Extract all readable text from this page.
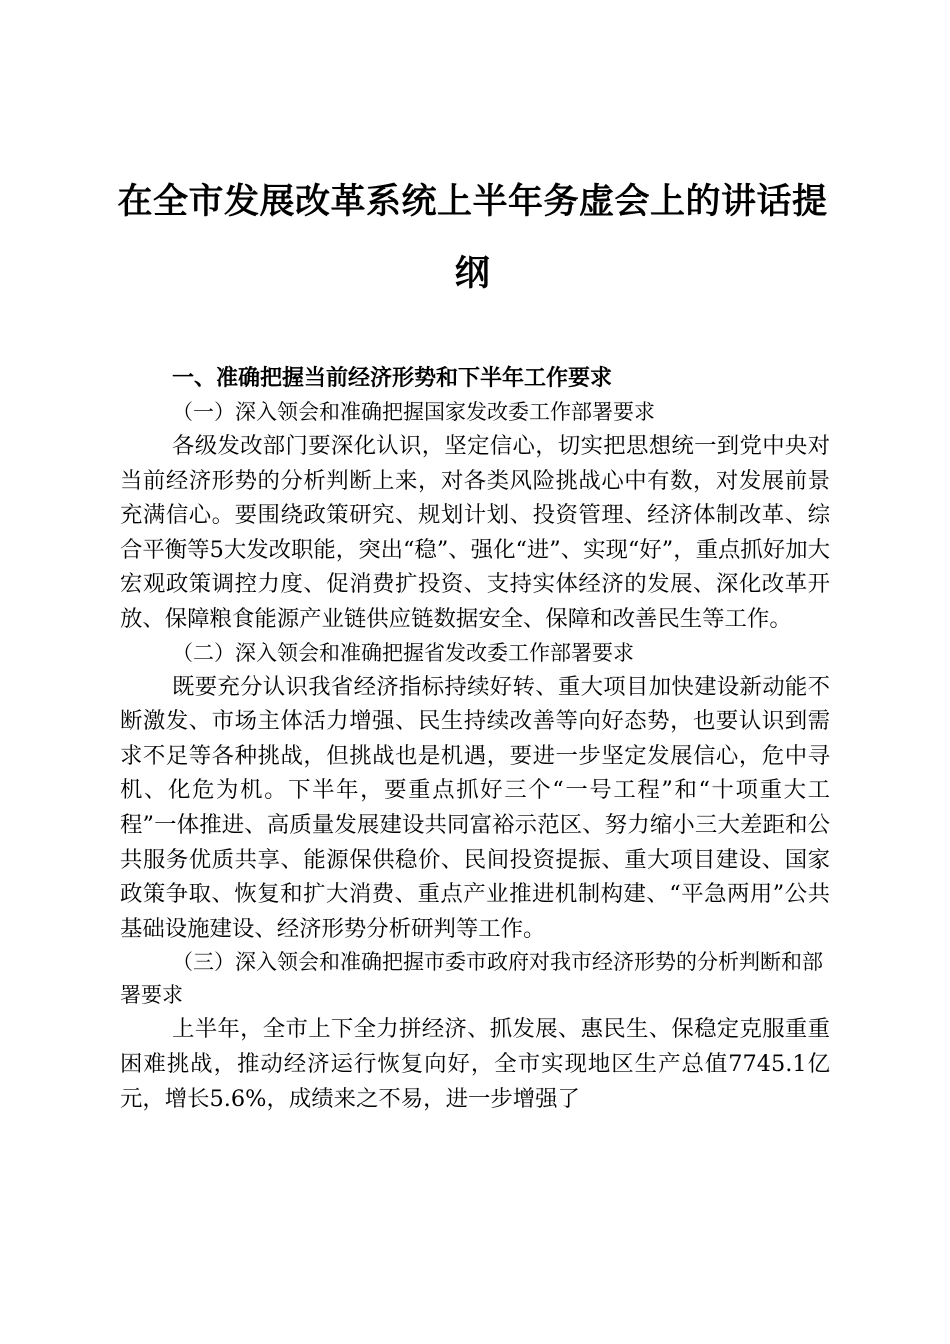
在全市发展改革系统上半年务虚会上的讲话提纲

一、准确把握当前经济形势和下半年工作要求

（一）深入领会和准确把握国家发改委工作部署要求

各级发改部门要深化认识，坚定信心，切实把思想统一到党中央对当前经济形势的分析判断上来，对各类风险挑战心中有数，对发展前景充满信心。要围绕政策研究、规划计划、投资管理、经济体制改革、综合平衡等5大发改职能，突出“稳”、强化“进”、实现“好”，重点抓好加大宏观政策调控力度、促消费扩投资、支持实体经济的发展、深化改革开放、保障粮食能源产业链供应链数据安全、保障和改善民生等工作。

（二）深入领会和准确把握省发改委工作部署要求

既要充分认识我省经济指标持续好转、重大项目加快建设新动能不断激发、市场主体活力增强、民生持续改善等向好态势，也要认识到需求不足等各种挑战，但挑战也是机遇，要进一步坚定发展信心，危中寻机、化危为机。下半年，要重点抓好三个“一号工程”和“十项重大工程”一体推进、高质量发展建设共同富裕示范区、努力缩小三大差距和公共服务优质共享、能源保供稳价、民间投资提振、重大项目建设、国家政策争取、恢复和扩大消费、重点产业推进机制构建、“平急两用”公共基础设施建设、经济形势分析研判等工作。

（三）深入领会和准确把握市委市政府对我市经济形势的分析判断和部署要求

上半年，全市上下全力拼经济、抓发展、惠民生、保稳定克服重重困难挑战，推动经济运行恢复向好，全市实现地区生产总值7745.1亿元，增长5.6%，成绩来之不易，进一步增强了
